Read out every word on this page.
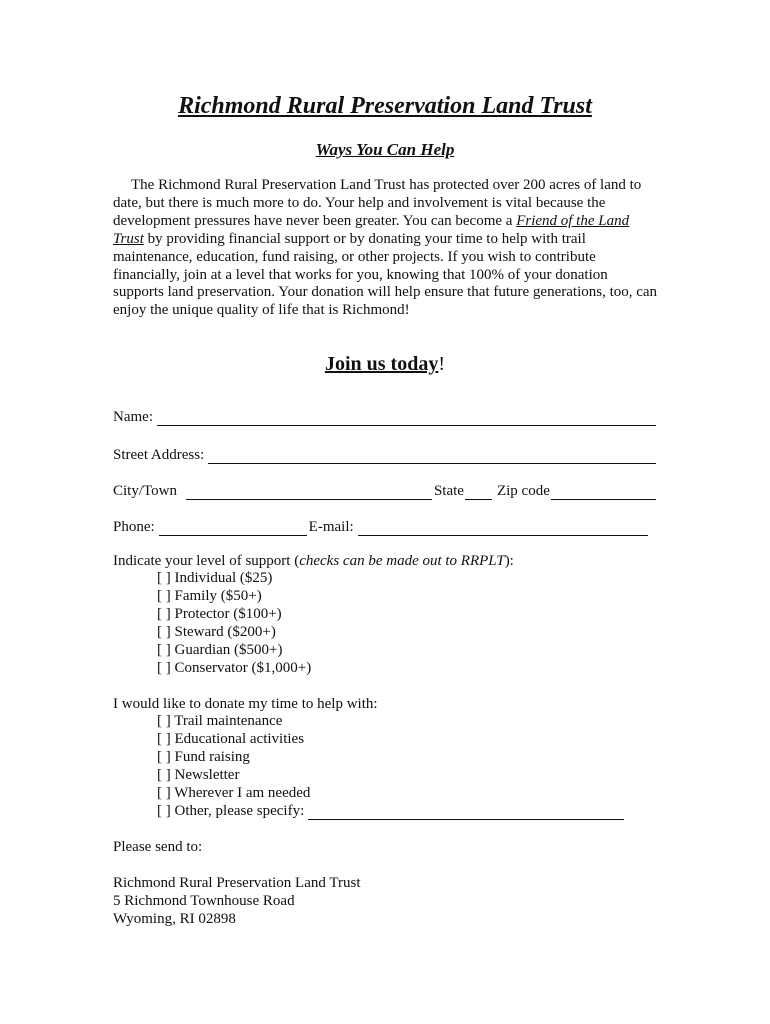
Richmond Rural Preservation Land Trust
Ways You Can Help

The Richmond Rural Preservation Land Trust has protected over 200 acres of land to date, but there is much more to do. Your help and involvement is vital because the development pressures have never been greater. You can become a Friend of the Land Trust by providing financial support or by donating your time to help with trail maintenance, education, fund raising, or other projects. If you wish to contribute financially, join at a level that works for you, knowing that 100% of your donation supports land preservation. Your donation will help ensure that future generations, too, can enjoy the unique quality of life that is Richmond!

Join us today!
Name:
Street Address:
City/Town	State Zip code
Phone:	E-mail:
Indicate your level of support (checks can be made out to RRPLT):
[ ] Individual ($25)
[ ] Family ($50+)
[ ] Protector ($100+)
[ ] Steward ($200+)
[ ] Guardian ($500+)
[ ] Conservator ($1,000+)
I would like to donate my time to help with:
[ ] Trail maintenance
[ ] Educational activities
[ ] Fund raising
[ ] Newsletter
[ ] Wherever I am needed
[ ] Other, please specify:
Please send to:
Richmond Rural Preservation Land Trust
5 Richmond Townhouse Road
Wyoming, RI 02898
